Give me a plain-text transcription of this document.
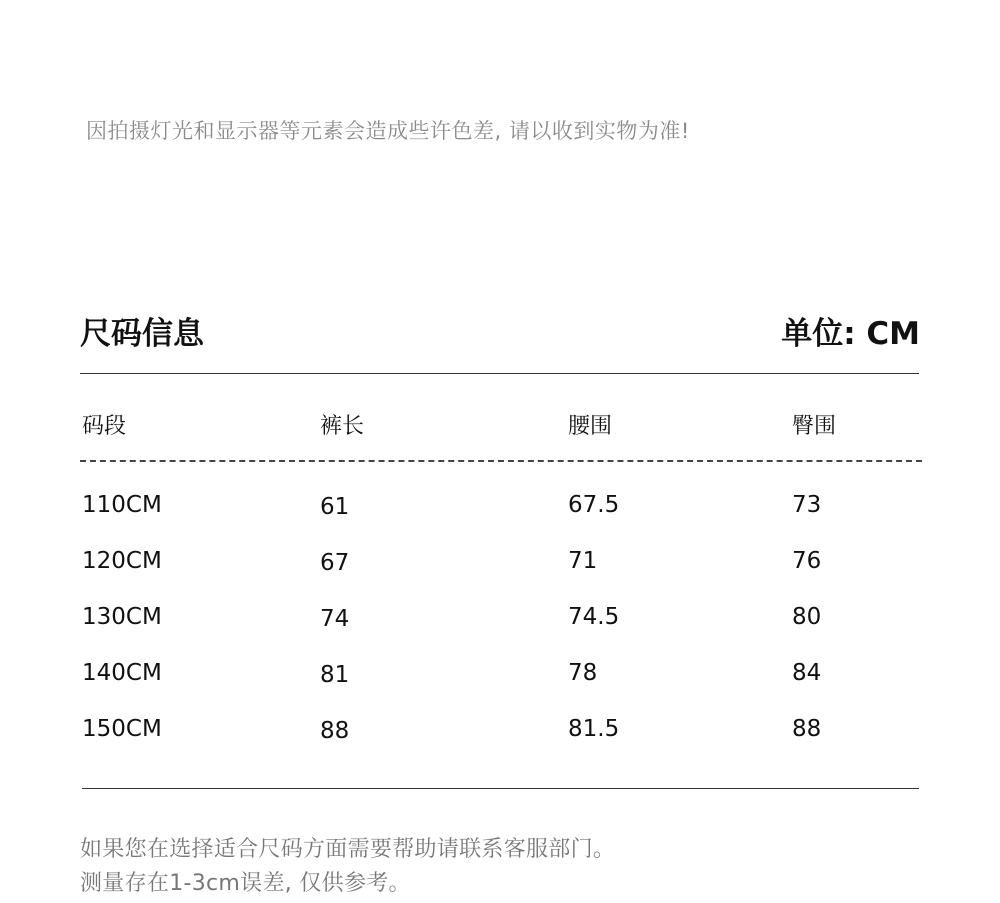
因拍摄灯光和显示器等元素会造成些许色差, 请以收到实物为准!
尺码信息	单位: CM
码段	裤长	腰围	臀围
110CM	61	67.5	73
120CM	67	71	76
130CM	74	74.5	80
140CM	81	78	84
150CM	88	81.5	88
如果您在选择适合尺码方面需要帮助请联系客服部门。
测量存在1-3cm误差, 仅供参考。
